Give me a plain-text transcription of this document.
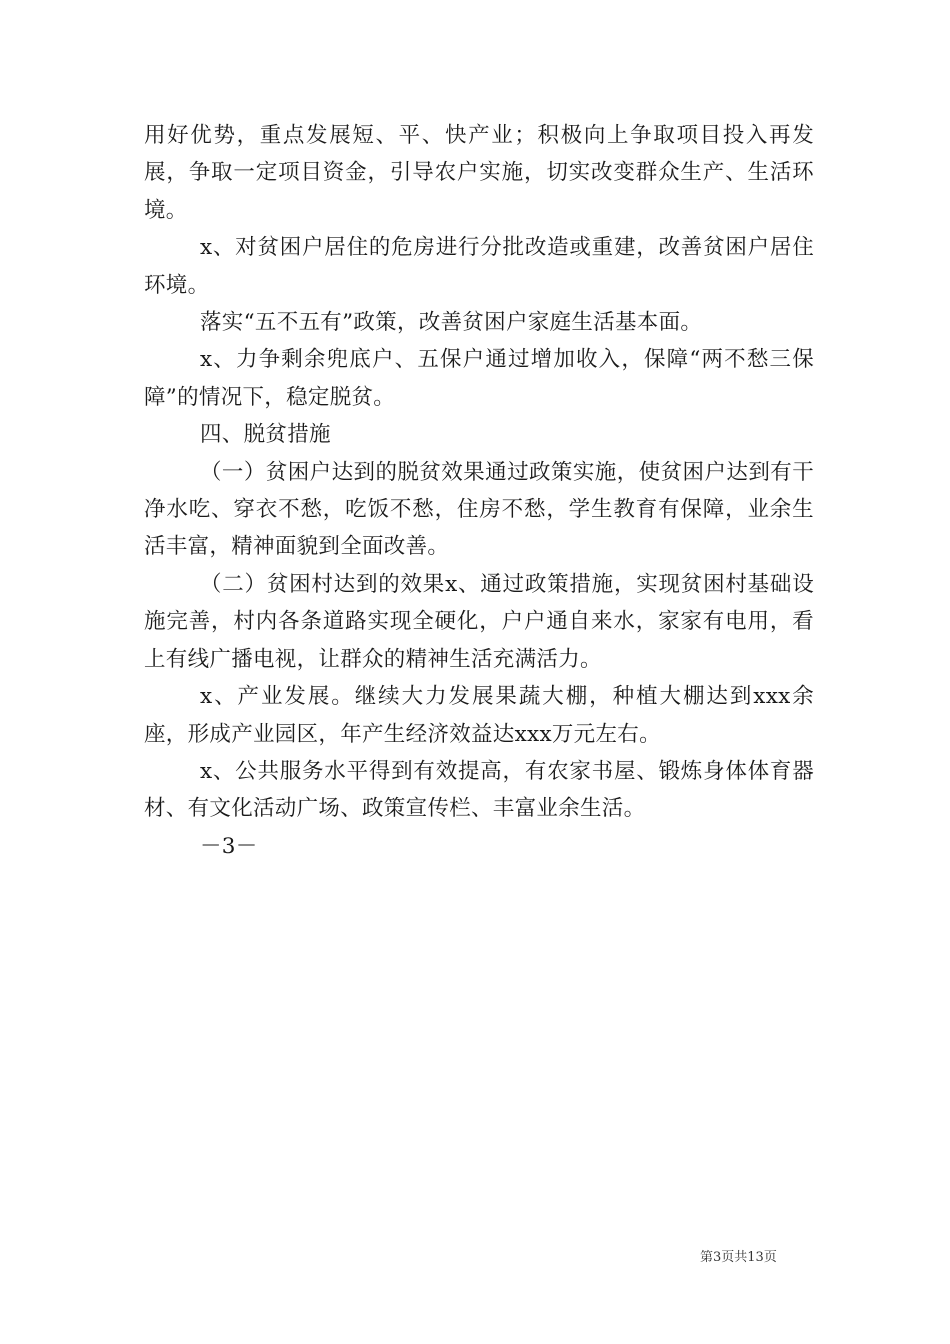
用好优势，重点发展短、平、快产业；积极向上争取项目投入再发展，争取一定项目资金，引导农户实施，切实改变群众生产、生活环境。

x、对贫困户居住的危房进行分批改造或重建，改善贫困户居住环境。

落实“五不五有”政策，改善贫困户家庭生活基本面。

x、力争剩余兜底户、五保户通过增加收入，保障“两不愁三保障”的情况下，稳定脱贫。

四、脱贫措施

（一）贫困户达到的脱贫效果通过政策实施，使贫困户达到有干净水吃、穿衣不愁，吃饭不愁，住房不愁，学生教育有保障，业余生活丰富，精神面貌到全面改善。

（二）贫困村达到的效果x、通过政策措施，实现贫困村基础设施完善，村内各条道路实现全硬化，户户通自来水，家家有电用，看上有线广播电视，让群众的精神生活充满活力。

x、产业发展。继续大力发展果蔬大棚，种植大棚达到xxx余座，形成产业园区，年产生经济效益达xxx万元左右。

x、公共服务水平得到有效提高，有农家书屋、锻炼身体体育器材、有文化活动广场、政策宣传栏、丰富业余生活。

－3－

第3页共13页
